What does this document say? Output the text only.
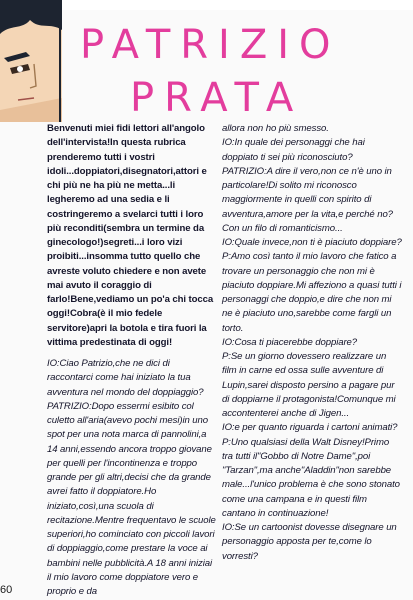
PATRIZIO
PRATA

Benvenuti miei fidi lettori all'angolo dell'intervista!In questa rubrica prenderemo tutti i vostri idoli...doppiatori,disegnatori,attori e chi più ne ha più ne metta...li legheremo ad una sedia e li costringeremo a svelarci tutti i loro più reconditi(sembra un termine da ginecologo!)segreti...i loro vizi proibiti...insomma tutto quello che avreste voluto chiedere e non avete mai avuto il coraggio di farlo!Bene,vediamo un po'a chi tocca oggi!Cobra(è il mio fedele servitore)apri la botola e tira fuori la vittima predestinata di oggi!

IO:Ciao Patrizio,che ne dici di raccontarci come hai iniziato la tua avventura nel mondo del doppiaggio?

PATRIZIO:Dopo essermi esibito col culetto all'aria(avevo pochi mesi)in uno spot per una nota marca di pannolini,a 14 anni,essendo ancora troppo giovane per quelli per l'incontinenza e troppo grande per gli altri,decisi che da grande avrei fatto il doppiatore.Ho iniziato,così,una scuola di recitazione.Mentre frequentavo le scuole superiori,ho cominciato con piccoli lavori di doppiaggio,come prestare la voce ai bambini nelle pubblicità.A 18 anni iniziai il mio lavoro come doppiatore vero e proprio e da

allora non ho più smesso.

IO:In quale dei personaggi che hai doppiato ti sei più riconosciuto?

PATRIZIO:A dire il vero,non ce n'è uno in particolare!Di solito mi riconosco maggiormente in quelli con spirito di avventura,amore per la vita,e perché no?Con un filo di romanticismo...

IO:Quale invece,non ti è piaciuto doppiare?

P:Amo così tanto il mio lavoro che fatico a trovare un personaggio che non mi è piaciuto doppiare.Mi affeziono a quasi tutti i personaggi che doppio,e dire che non mi ne è piaciuto uno,sarebbe come fargli un torto.

IO:Cosa ti piacerebbe doppiare?

P:Se un giorno dovessero realizzare un film in carne ed ossa sulle avventure di Lupin,sarei disposto persino a pagare pur di doppiarne il protagonista!Comunque mi accontenterei anche di Jigen...

IO:e per quanto riguarda i cartoni animati?

P:Uno qualsiasi della Walt Disney!Primo tra tutti il"Gobbo di Notre Dame",poi "Tarzan",ma anche"Aladdin"non sarebbe male...l'unico problema è che sono stonato come una campana e in questi film cantano in continuazione!

IO:Se un cartoonist dovesse disegnare un personaggio apposta per te,come lo vorresti?

60
